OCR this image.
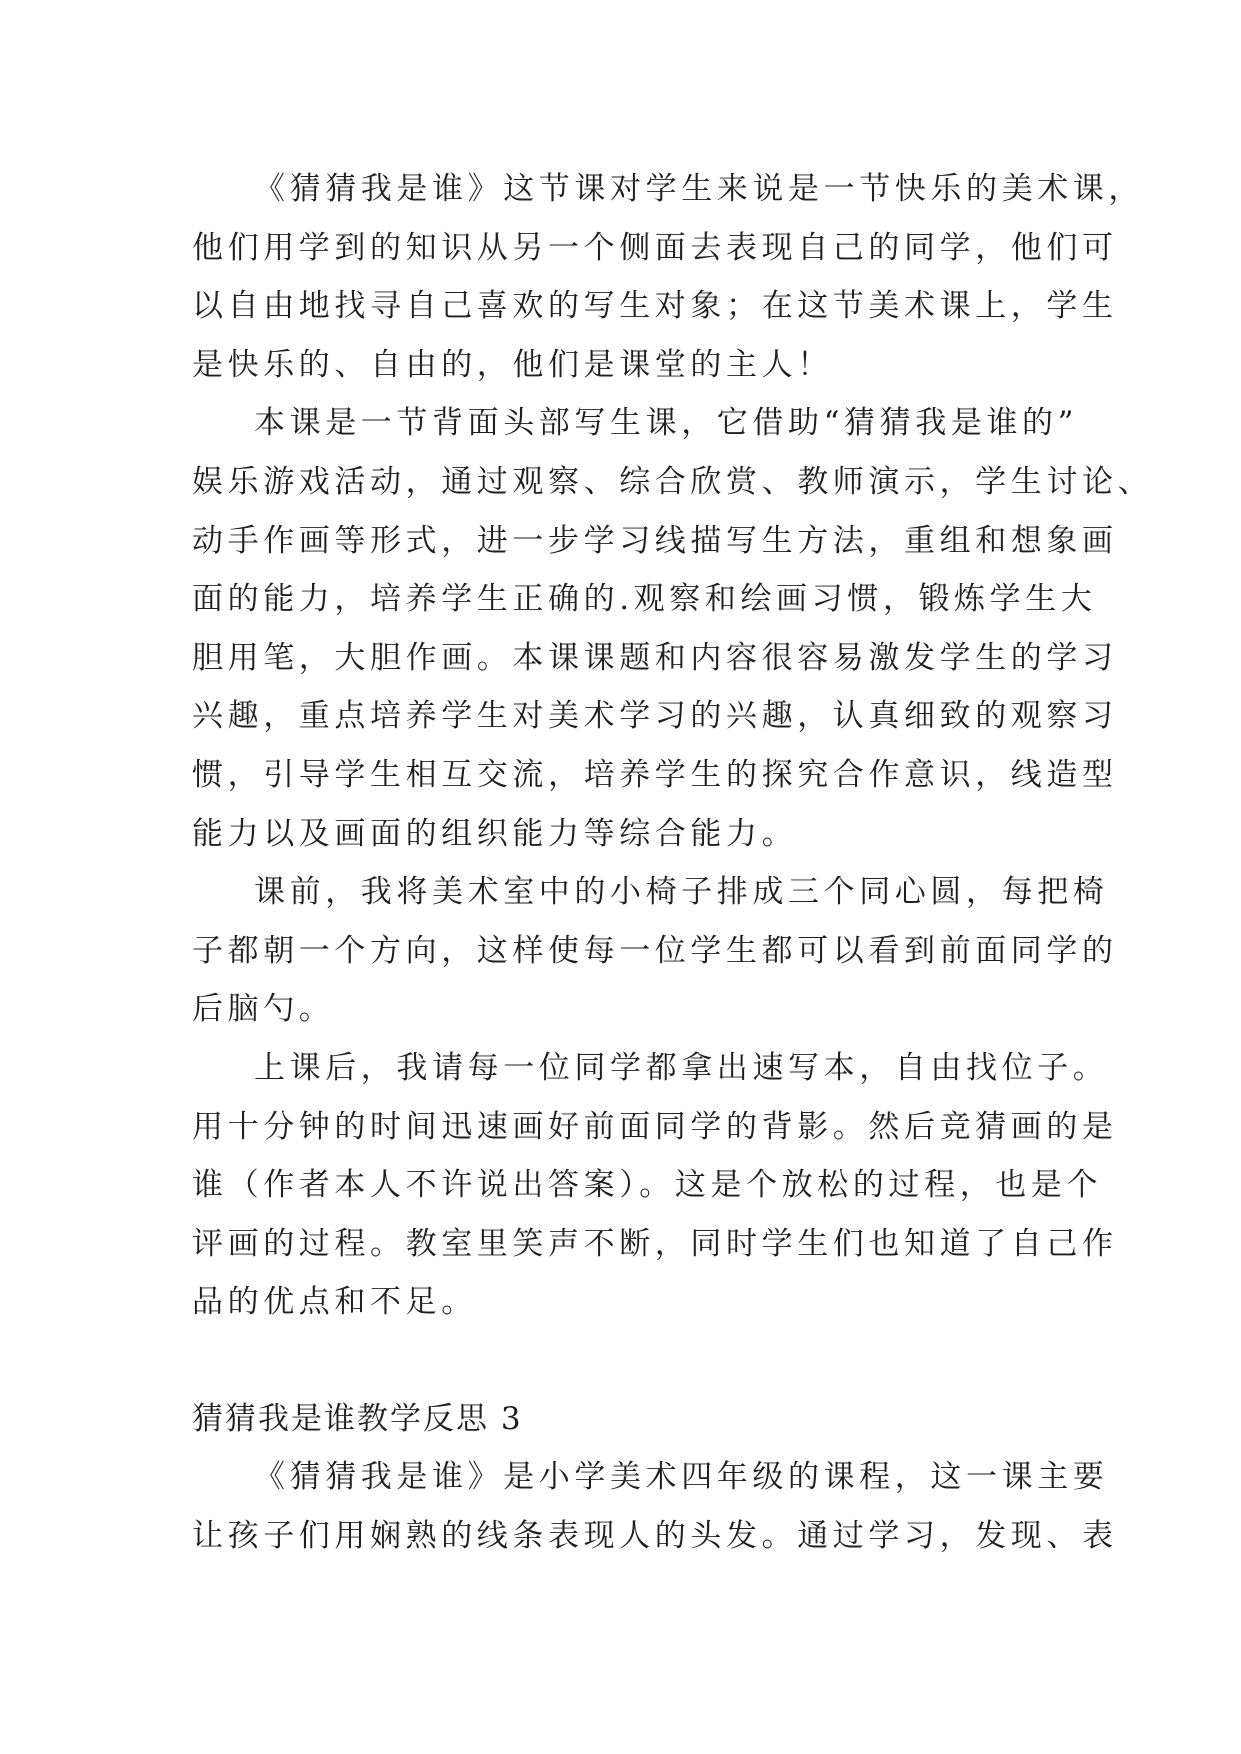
《猜猜我是谁》这节课对学生来说是一节快乐的美术课，
他们用学到的知识从另一个侧面去表现自己的同学，他们可
以自由地找寻自己喜欢的写生对象；在这节美术课上，学生
是快乐的、自由的，他们是课堂的主人！

本课是一节背面头部写生课，它借助“猜猜我是谁的”
娱乐游戏活动，通过观察、综合欣赏、教师演示，学生讨论、
动手作画等形式，进一步学习线描写生方法，重组和想象画
面的能力，培养学生正确的.观察和绘画习惯，锻炼学生大
胆用笔，大胆作画。本课课题和内容很容易激发学生的学习
兴趣，重点培养学生对美术学习的兴趣，认真细致的观察习
惯，引导学生相互交流，培养学生的探究合作意识，线造型
能力以及画面的组织能力等综合能力。

课前，我将美术室中的小椅子排成三个同心圆，每把椅
子都朝一个方向，这样使每一位学生都可以看到前面同学的
后脑勺。

上课后，我请每一位同学都拿出速写本，自由找位子。
用十分钟的时间迅速画好前面同学的背影。然后竞猜画的是
谁（作者本人不许说出答案）。这是个放松的过程，也是个
评画的过程。教室里笑声不断，同时学生们也知道了自己作
品的优点和不足。

猜猜我是谁教学反思 3

《猜猜我是谁》是小学美术四年级的课程，这一课主要
让孩子们用娴熟的线条表现人的头发。通过学习，发现、表
